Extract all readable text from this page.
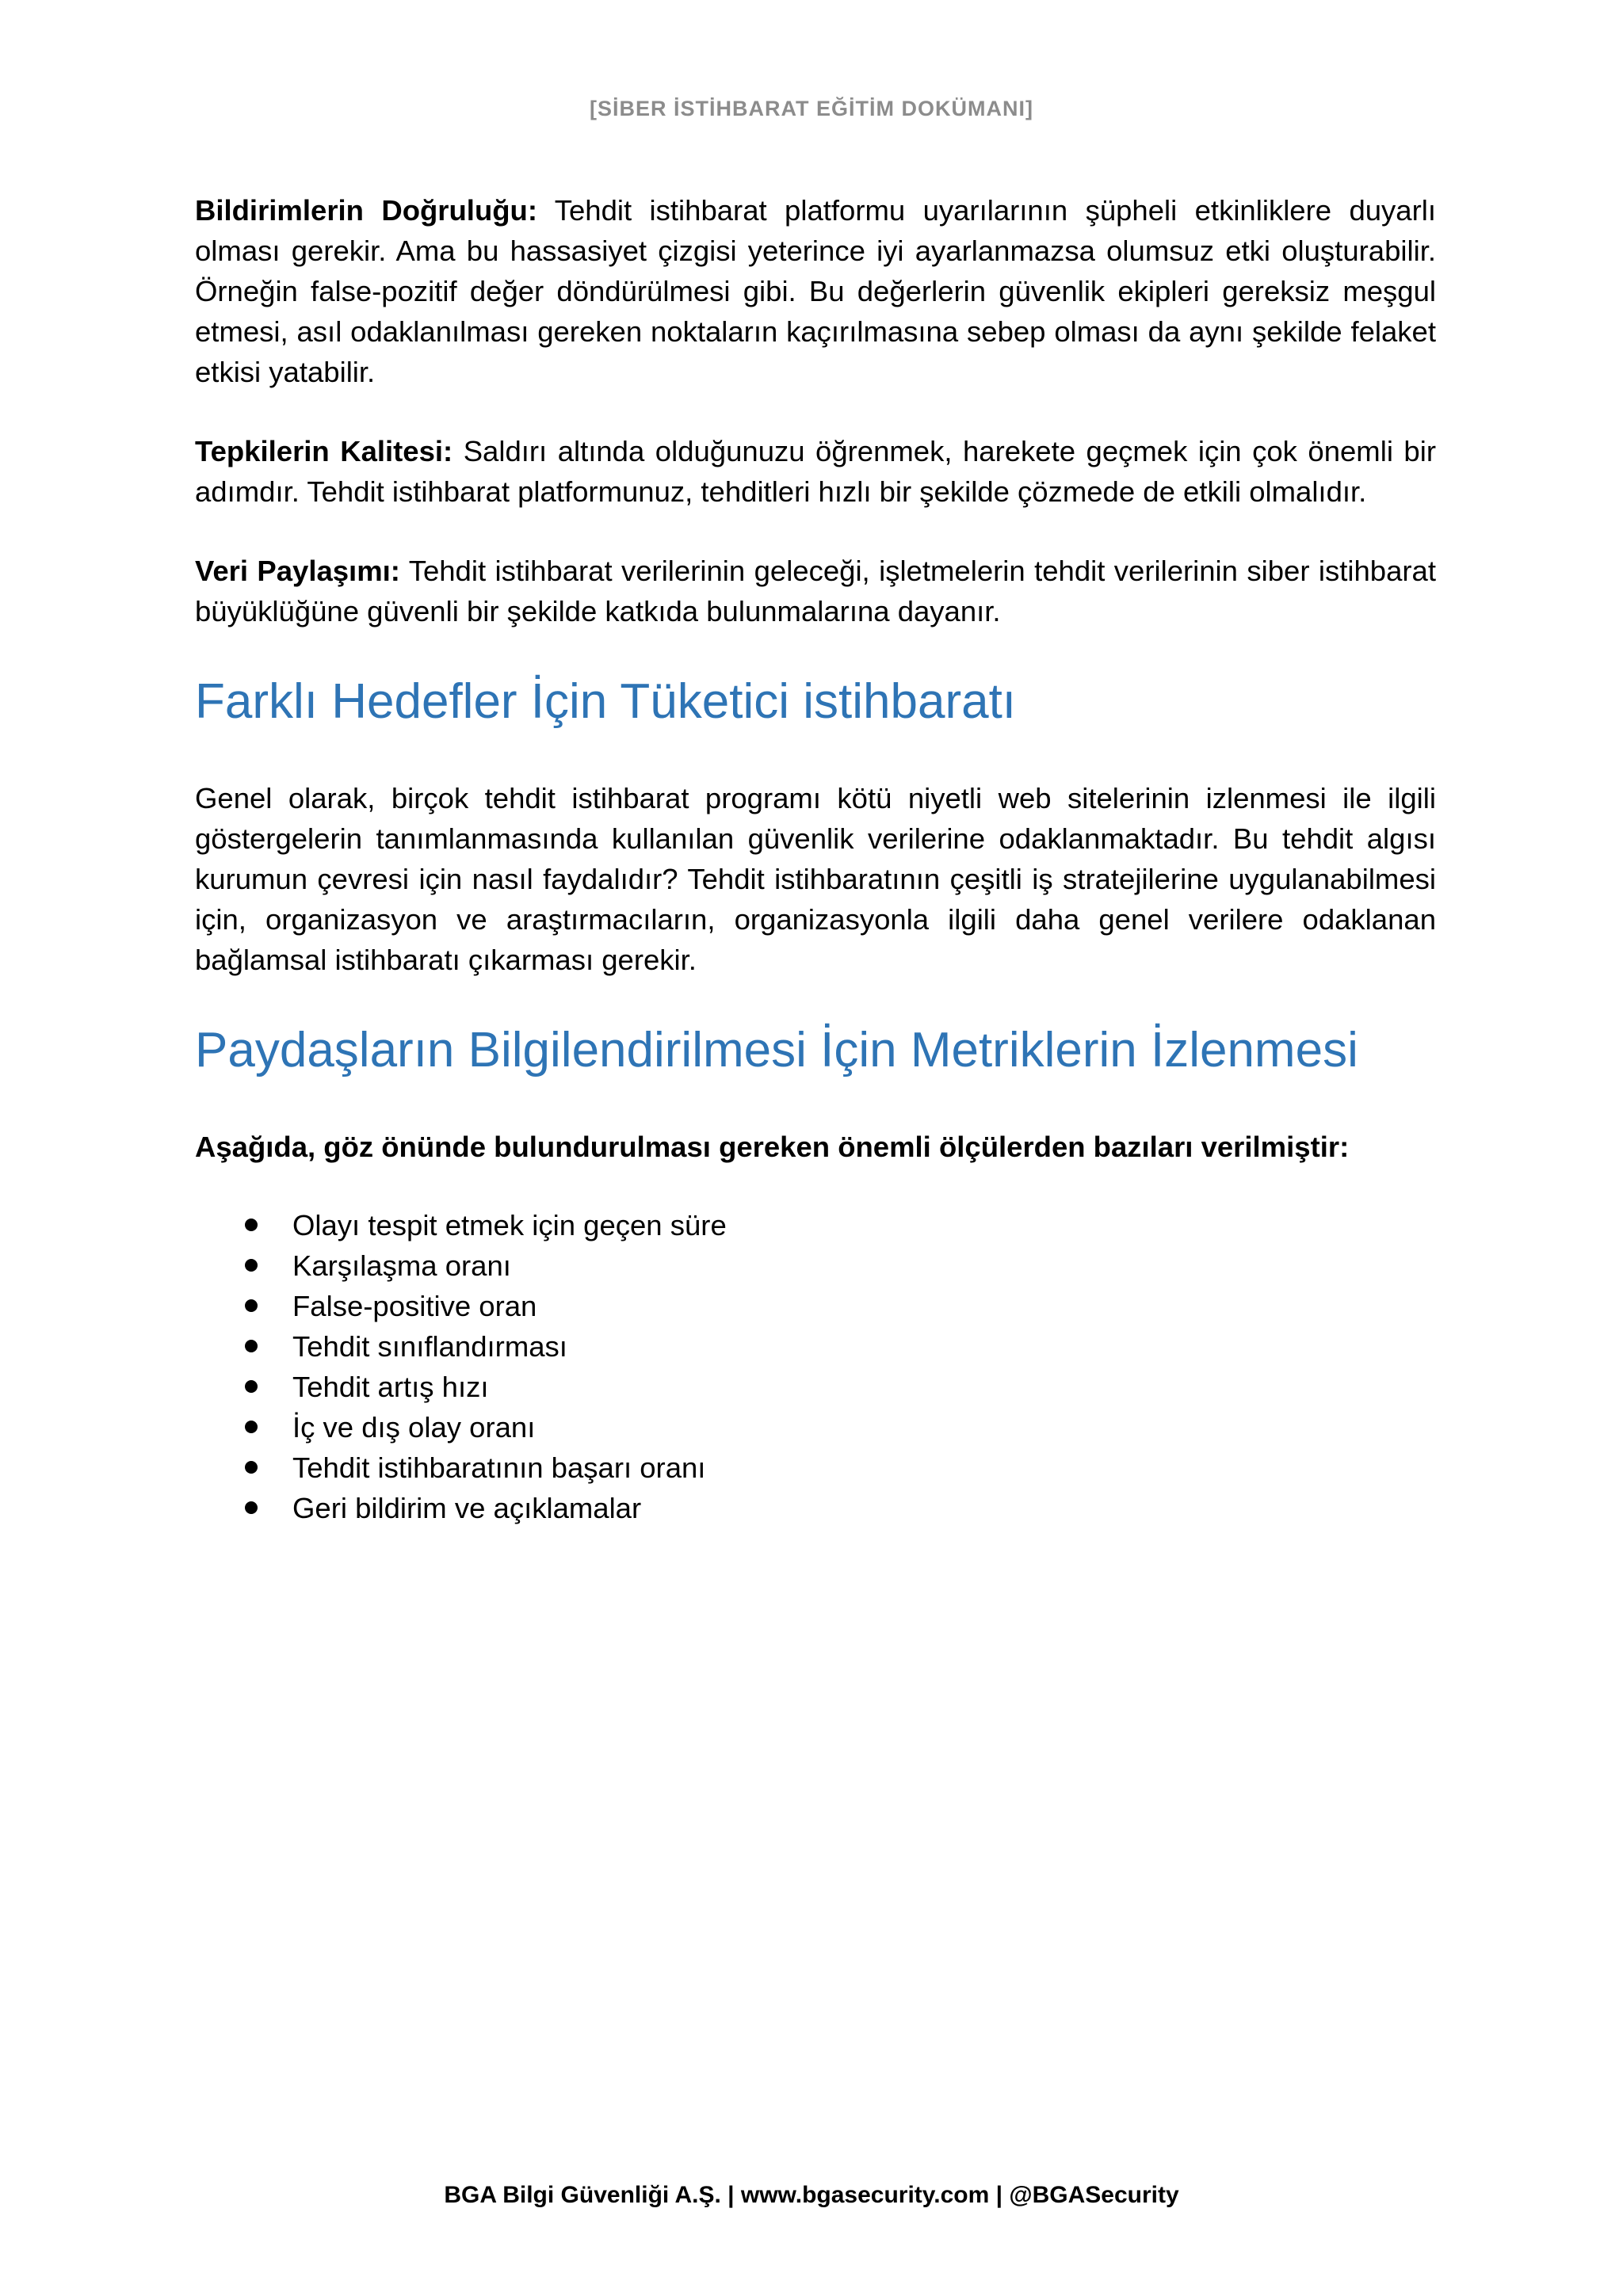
[SİBER İSTİHBARAT EĞİTİM DOKÜMANI]

Bildirimlerin Doğruluğu: Tehdit istihbarat platformu uyarılarının şüpheli etkinliklere duyarlı olması gerekir. Ama bu hassasiyet çizgisi yeterince iyi ayarlanmazsa olumsuz etki oluşturabilir. Örneğin false-pozitif değer döndürülmesi gibi. Bu değerlerin güvenlik ekipleri gereksiz meşgul etmesi, asıl odaklanılması gereken noktaların kaçırılmasına sebep olması da aynı şekilde felaket etkisi yatabilir.

Tepkilerin Kalitesi: Saldırı altında olduğunuzu öğrenmek, harekete geçmek için çok önemli bir adımdır. Tehdit istihbarat platformunuz, tehditleri hızlı bir şekilde çözmede de etkili olmalıdır.

Veri Paylaşımı: Tehdit istihbarat verilerinin geleceği, işletmelerin tehdit verilerinin siber istihbarat büyüklüğüne güvenli bir şekilde katkıda bulunmalarına dayanır.

Farklı Hedefler İçin Tüketici istihbaratı

Genel olarak, birçok tehdit istihbarat programı kötü niyetli web sitelerinin izlenmesi ile ilgili göstergelerin tanımlanmasında kullanılan güvenlik verilerine odaklanmaktadır. Bu tehdit algısı kurumun çevresi için nasıl faydalıdır? Tehdit istihbaratının çeşitli iş stratejilerine uygulanabilmesi için, organizasyon ve araştırmacıların, organizasyonla ilgili daha genel verilere odaklanan bağlamsal istihbaratı çıkarması gerekir.

Paydaşların Bilgilendirilmesi İçin Metriklerin İzlenmesi

Aşağıda, göz önünde bulundurulması gereken önemli ölçülerden bazıları verilmiştir:

Olayı tespit etmek için geçen süre
Karşılaşma oranı
False-positive oran
Tehdit sınıflandırması
Tehdit artış hızı
İç ve dış olay oranı
Tehdit istihbaratının başarı oranı
Geri bildirim ve açıklamalar
BGA Bilgi Güvenliği A.Ş. | www.bgasecurity.com | @BGASecurity
